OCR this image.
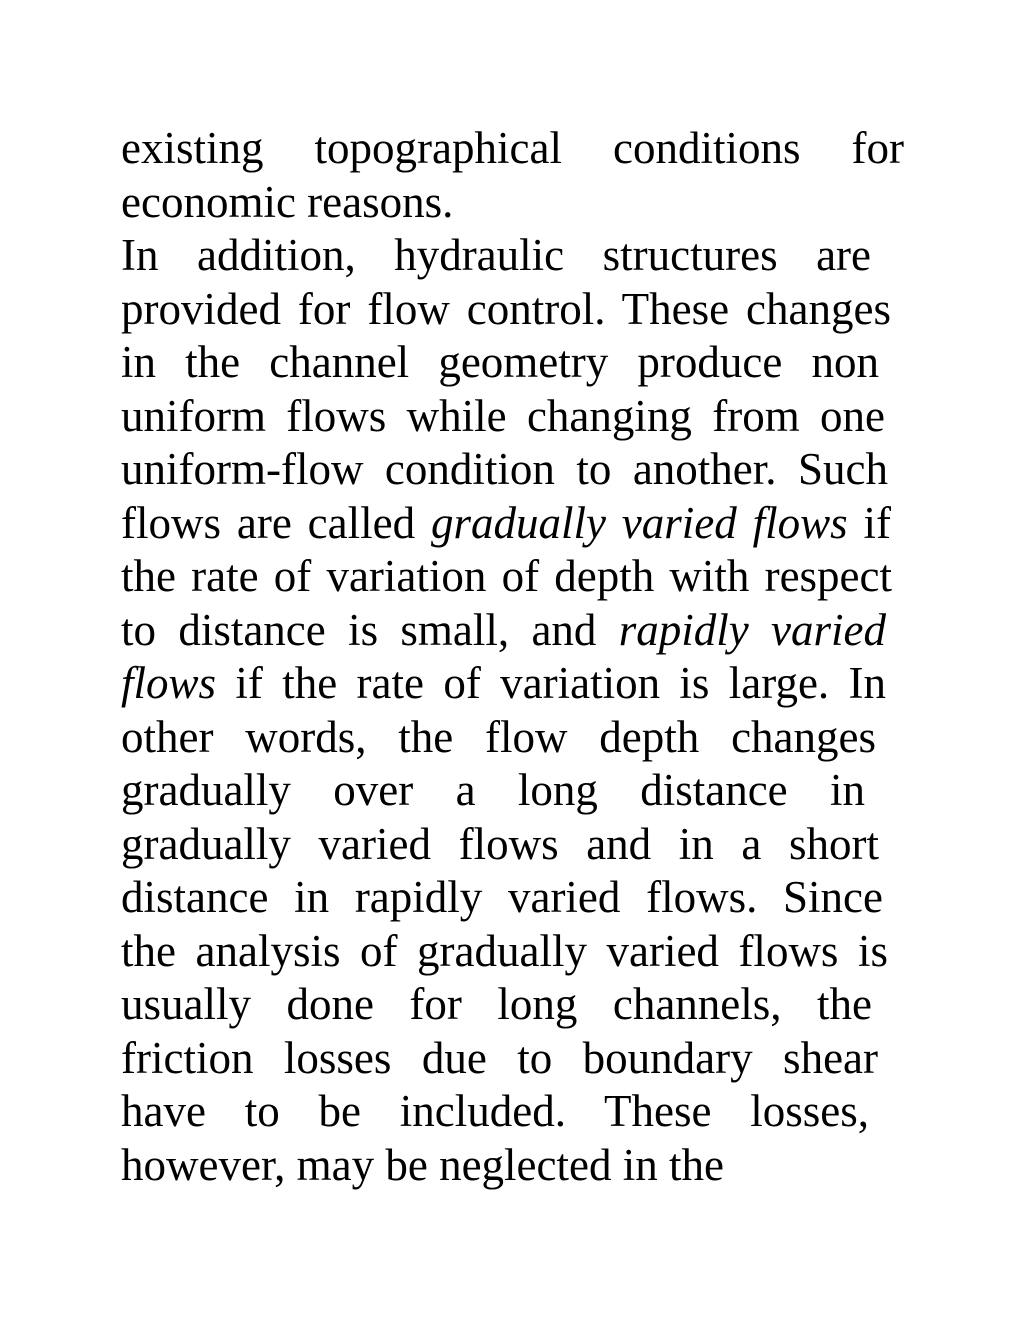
existing topographical conditions for
economic reasons.
In addition, hydraulic structures are
provided for flow control. These changes
in the channel geometry produce non
uniform flows while changing from one
uniform-flow condition to another. Such
flows are called gradually varied flows if
the rate of variation of depth with respect
to distance is small, and rapidly varied
flows if the rate of variation is large. In
other words, the flow depth changes
gradually over a long distance in
gradually varied flows and in a short
distance in rapidly varied flows. Since
the analysis of gradually varied flows is
usually done for long channels, the
friction losses due to boundary shear
have to be included. These losses,
however, may be neglected in the
